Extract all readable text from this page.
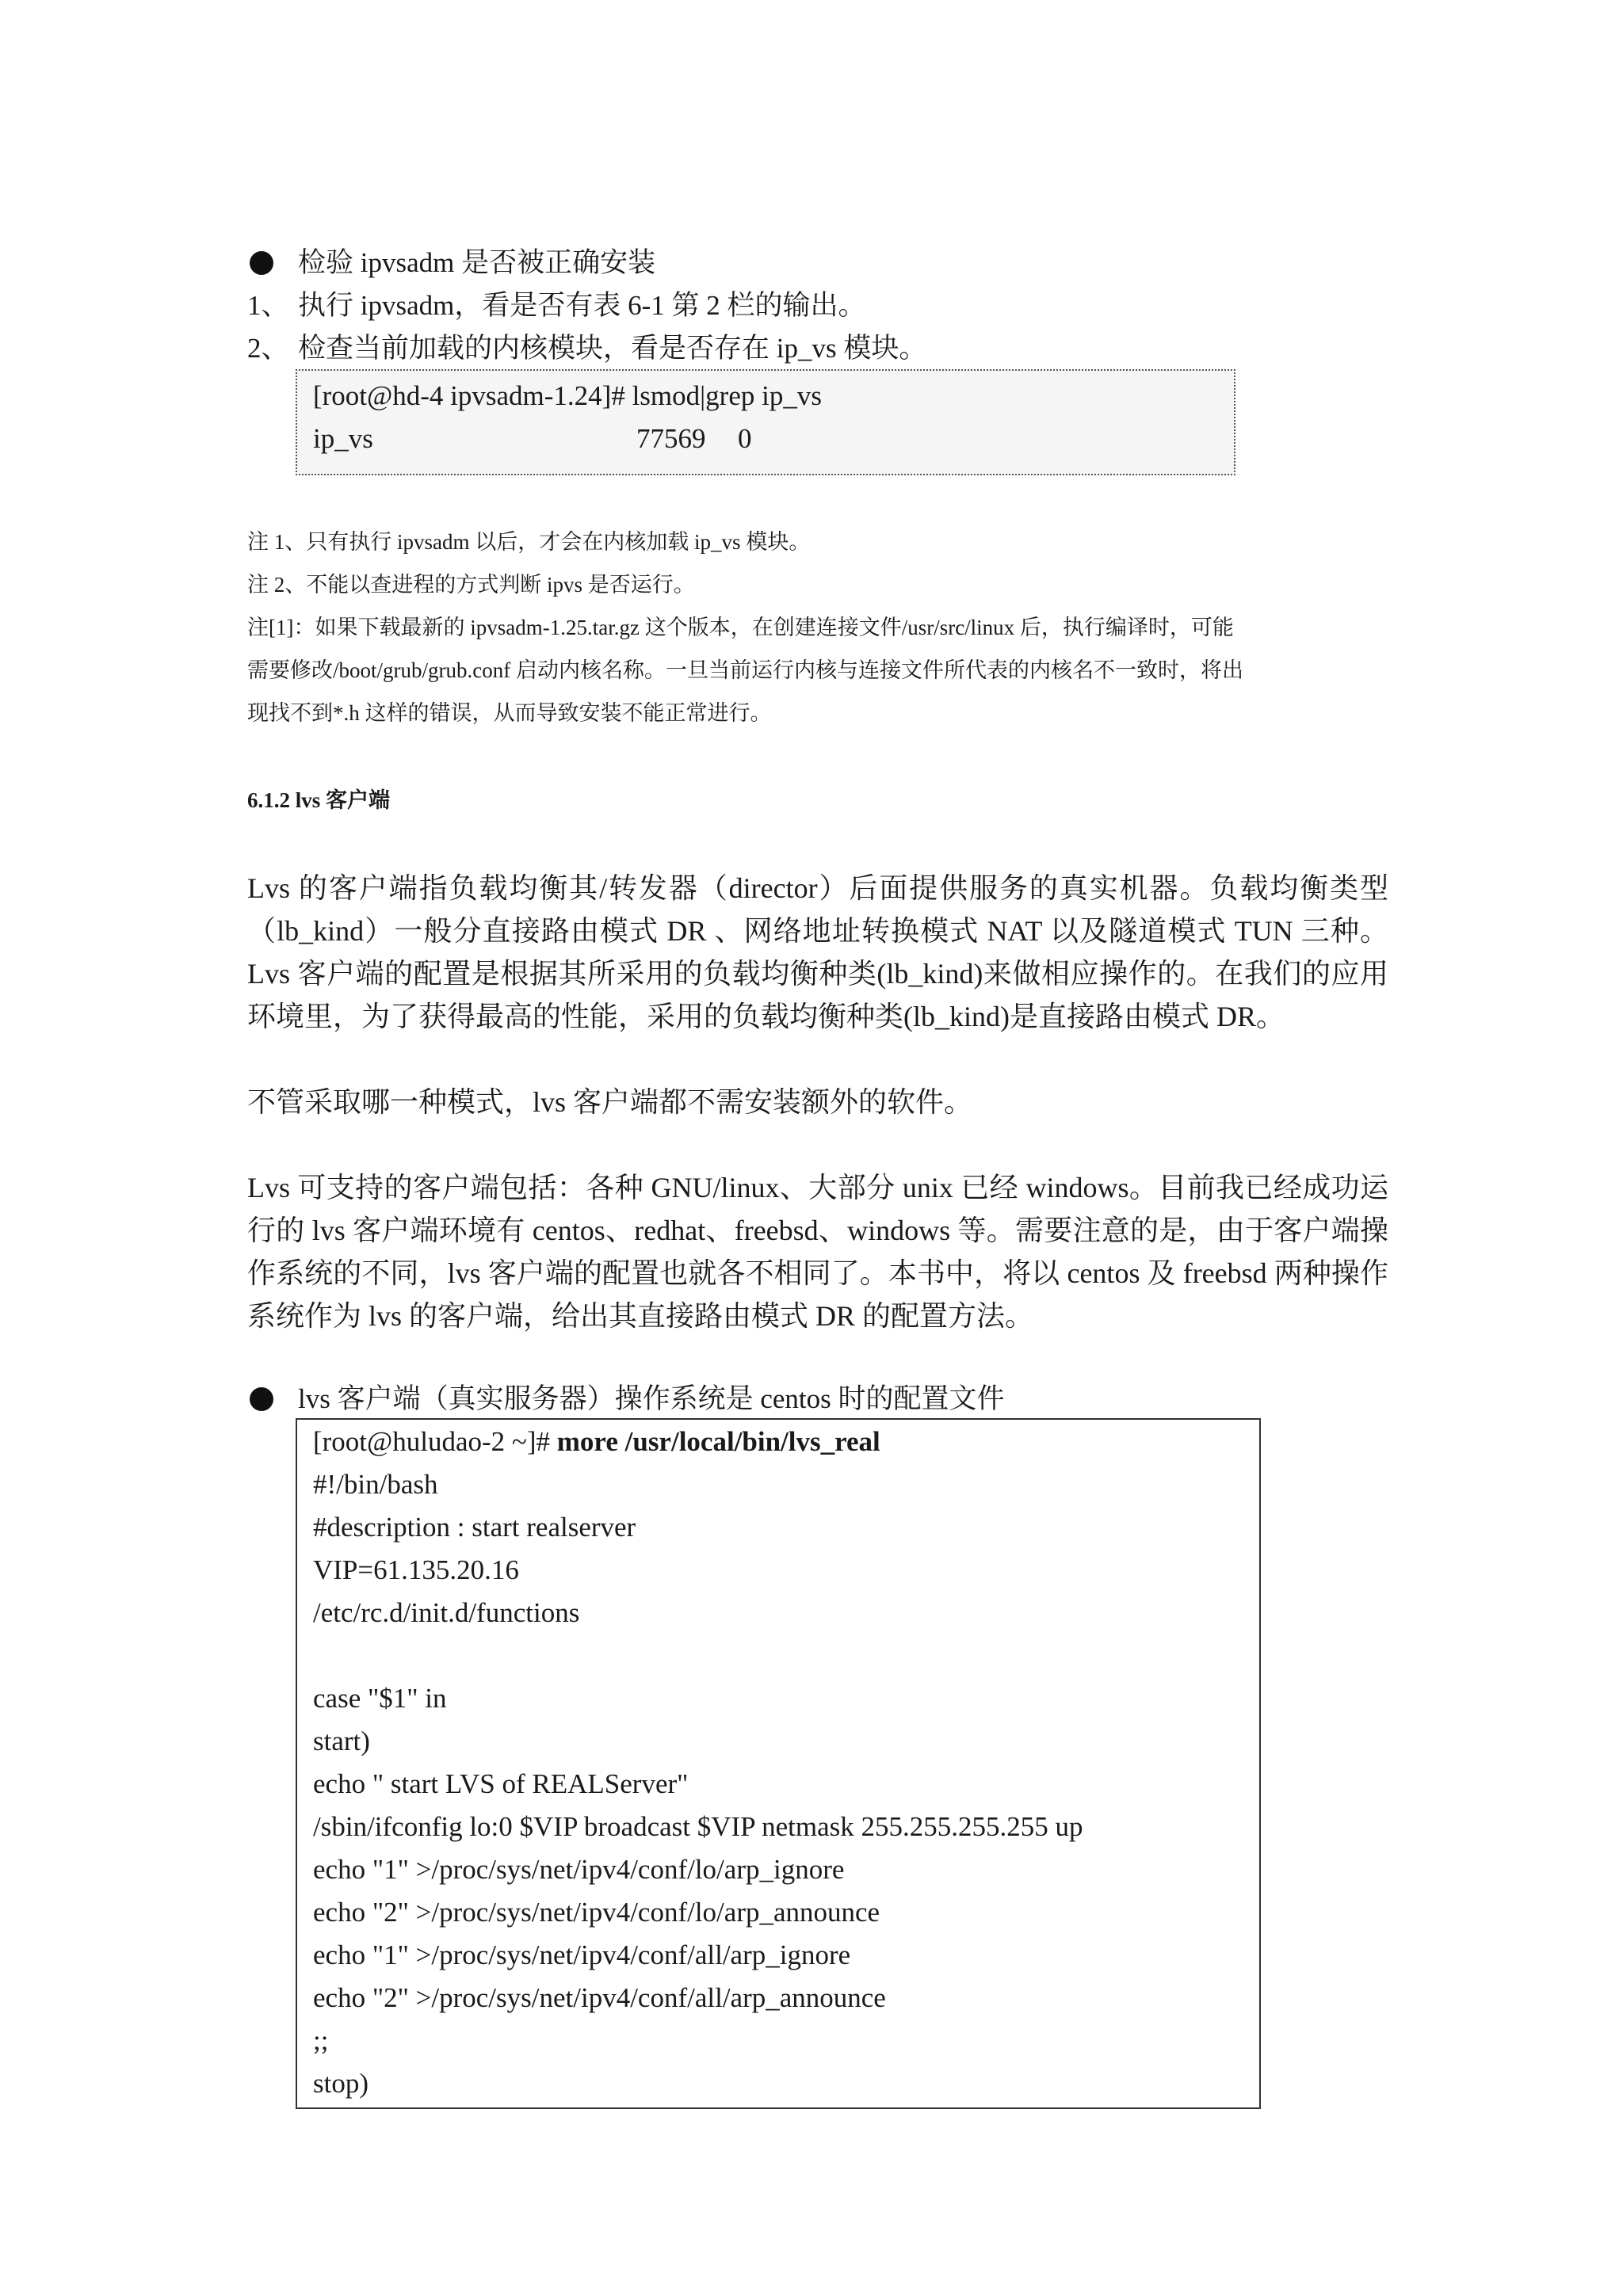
检验 ipvsadm 是否被正确安装
1、 执行 ipvsadm，看是否有表 6-1 第 2 栏的输出。
2、 检查当前加载的内核模块，看是否存在 ip_vs 模块。
[root@hd-4 ipvsadm-1.24]# lsmod|grep ip_vs
ip_vs	77569 0
注 1、只有执行 ipvsadm 以后，才会在内核加载 ip_vs 模块。
注 2、不能以查进程的方式判断 ipvs 是否运行。
注[1]：如果下载最新的 ipvsadm-1.25.tar.gz 这个版本，在创建连接文件/usr/src/linux 后，执行编译时，可能
需要修改/boot/grub/grub.conf 启动内核名称。一旦当前运行内核与连接文件所代表的内核名不一致时，将出
现找不到*.h 这样的错误，从而导致安装不能正常进行。
6.1.2 lvs 客户端
Lvs 的客户端指负载均衡其/转发器（director）后面提供服务的真实机器。负载均衡类型
（lb_kind）一般分直接路由模式 DR 、网络地址转换模式 NAT 以及隧道模式 TUN 三种。
Lvs 客户端的配置是根据其所采用的负载均衡种类(lb_kind)来做相应操作的。在我们的应用
环境里，为了获得最高的性能，采用的负载均衡种类(lb_kind)是直接路由模式 DR。
不管采取哪一种模式，lvs 客户端都不需安装额外的软件。
Lvs 可支持的客户端包括：各种 GNU/linux、大部分 unix 已经 windows。目前我已经成功运
行的 lvs 客户端环境有 centos、redhat、freebsd、windows 等。需要注意的是，由于客户端操
作系统的不同，lvs 客户端的配置也就各不相同了。本书中，将以 centos 及 freebsd 两种操作
系统作为 lvs 的客户端，给出其直接路由模式 DR 的配置方法。
lvs 客户端（真实服务器）操作系统是 centos 时的配置文件
[root@huludao-2 ~]# more /usr/local/bin/lvs_real
#!/bin/bash
#description : start realserver
VIP=61.135.20.16
/etc/rc.d/init.d/functions
case "$1" in
start)
echo " start LVS of REALServer"
/sbin/ifconfig lo:0 $VIP broadcast $VIP netmask 255.255.255.255 up
echo "1" >/proc/sys/net/ipv4/conf/lo/arp_ignore
echo "2" >/proc/sys/net/ipv4/conf/lo/arp_announce
echo "1" >/proc/sys/net/ipv4/conf/all/arp_ignore
echo "2" >/proc/sys/net/ipv4/conf/all/arp_announce
;;
stop)
